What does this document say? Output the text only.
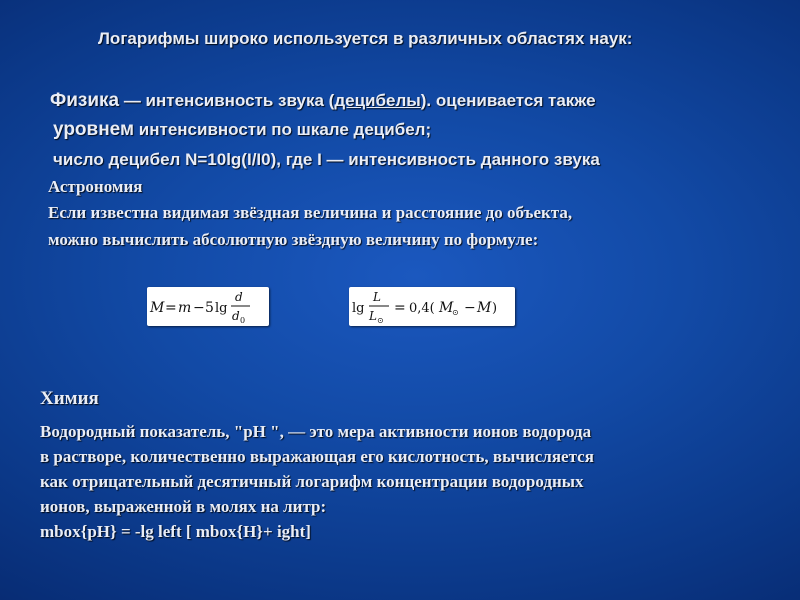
Логарифмы широко используется в различных областях наук:
Физика — интенсивность звука (децибелы). оценивается также
уровнем интенсивности по шкале децибел;
число децибел N=10lg(I/I0), где I — интенсивность данного звука
Астрономия
Если известна видимая звёздная величина и расстояние до объекта,
можно вычислить абсолютную звёздную величину по формуле:
M = m − 5 lg
d
d 0
lg
L
L ⊙
= 0,4( M
⊙ − M )
Химия
Водородный показатель, "pH ", — это мера активности ионов водорода
в растворе, количественно выражающая его кислотность, вычисляется
как отрицательный десятичный логарифм концентрации водородных
ионов, выраженной в молях на литр:
mbox{pH} = -lg left [ mbox{H}+ ight]
